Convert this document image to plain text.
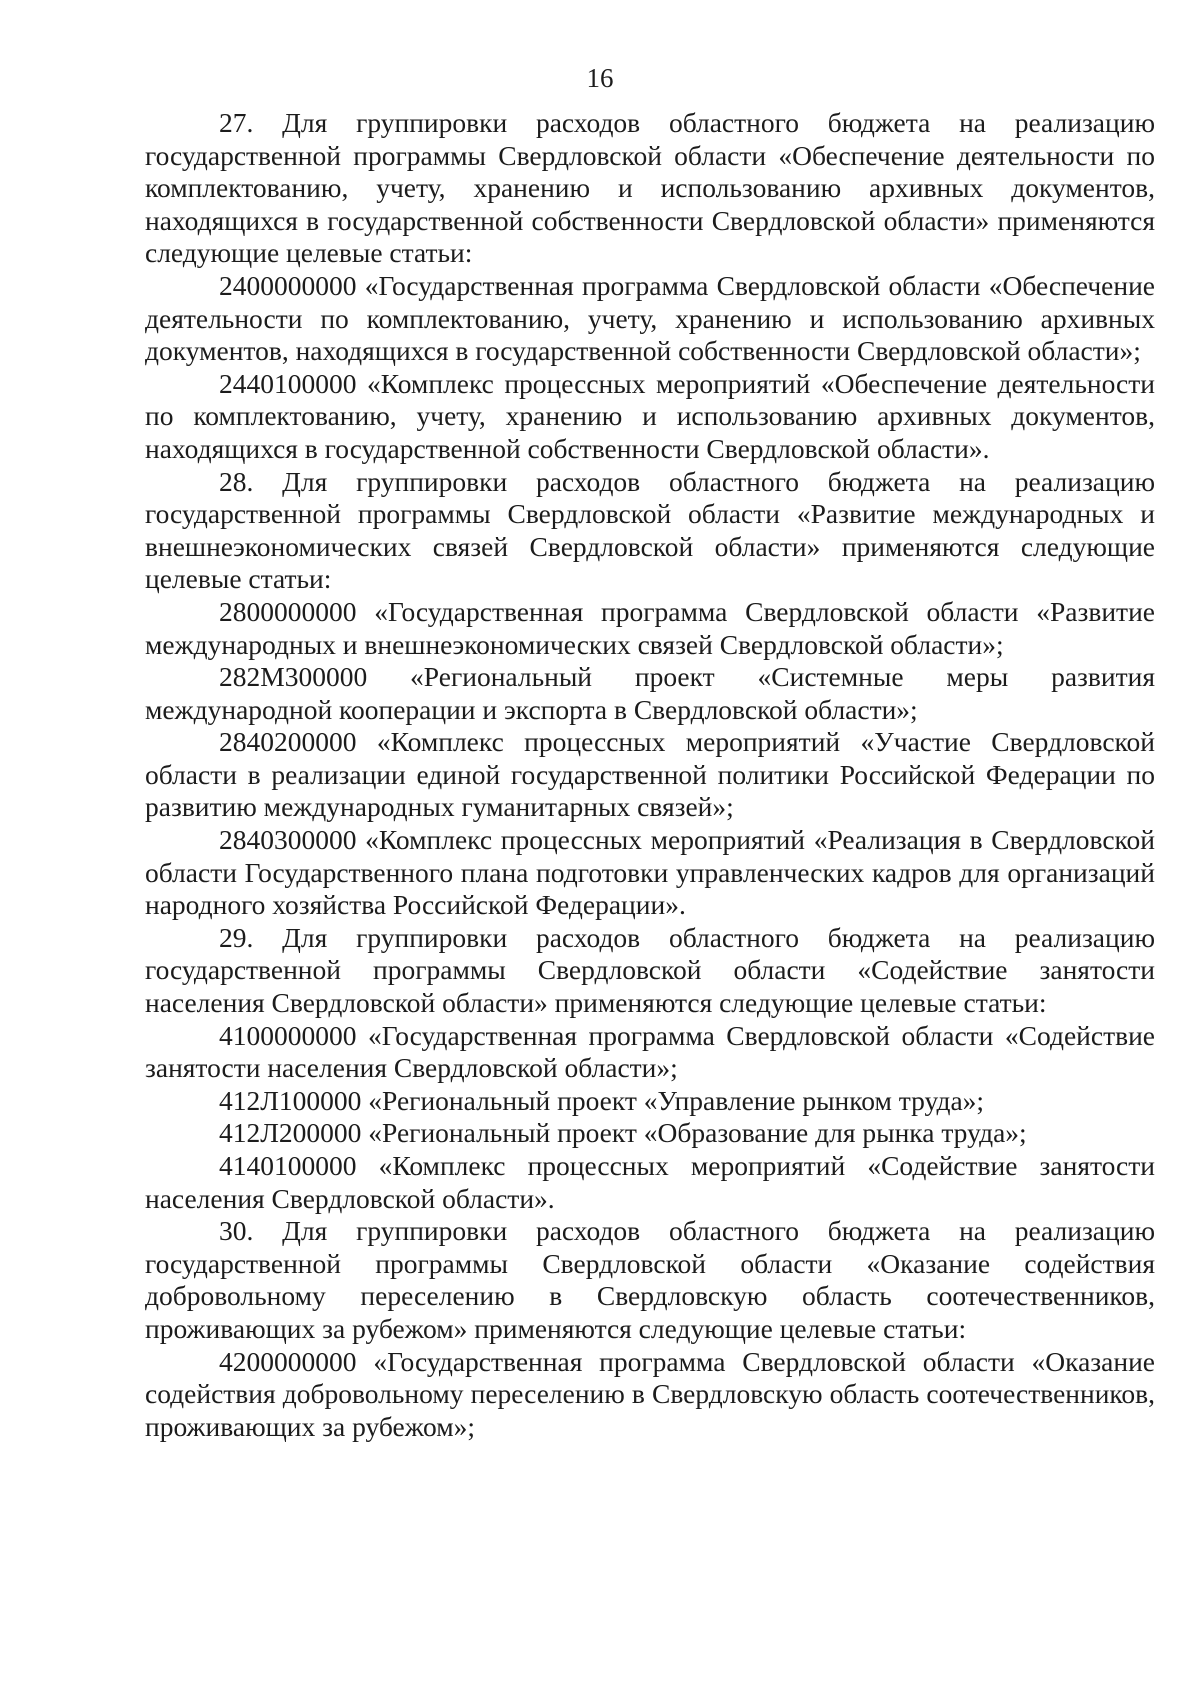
16

27. Для группировки расходов областного бюджета на реализацию государственной программы Свердловской области «Обеспечение деятельности по комплектованию, учету, хранению и использованию архивных документов, находящихся в государственной собственности Свердловской области» применяются следующие целевые статьи:

2400000000 «Государственная программа Свердловской области «Обеспечение деятельности по комплектованию, учету, хранению и использованию архивных документов, находящихся в государственной собственности Свердловской области»;

2440100000 «Комплекс процессных мероприятий «Обеспечение деятельности по комплектованию, учету, хранению и использованию архивных документов, находящихся в государственной собственности Свердловской области».

28. Для группировки расходов областного бюджета на реализацию государственной программы Свердловской области «Развитие международных и внешнеэкономических связей Свердловской области» применяются следующие целевые статьи:

2800000000 «Государственная программа Свердловской области «Развитие международных и внешнеэкономических связей Свердловской области»;

282М300000 «Региональный проект «Системные меры развития международной кооперации и экспорта в Свердловской области»;

2840200000 «Комплекс процессных мероприятий «Участие Свердловской области в реализации единой государственной политики Российской Федерации по развитию международных гуманитарных связей»;

2840300000 «Комплекс процессных мероприятий «Реализация в Свердловской области Государственного плана подготовки управленческих кадров для организаций народного хозяйства Российской Федерации».

29. Для группировки расходов областного бюджета на реализацию государственной программы Свердловской области «Содействие занятости населения Свердловской области» применяются следующие целевые статьи:

4100000000 «Государственная программа Свердловской области «Содействие занятости населения Свердловской области»;

412Л100000 «Региональный проект «Управление рынком труда»;

412Л200000 «Региональный проект «Образование для рынка труда»;

4140100000 «Комплекс процессных мероприятий «Содействие занятости населения Свердловской области».

30. Для группировки расходов областного бюджета на реализацию государственной программы Свердловской области «Оказание содействия добровольному переселению в Свердловскую область соотечественников, проживающих за рубежом» применяются следующие целевые статьи:

4200000000 «Государственная программа Свердловской области «Оказание содействия добровольному переселению в Свердловскую область соотечественников, проживающих за рубежом»;
